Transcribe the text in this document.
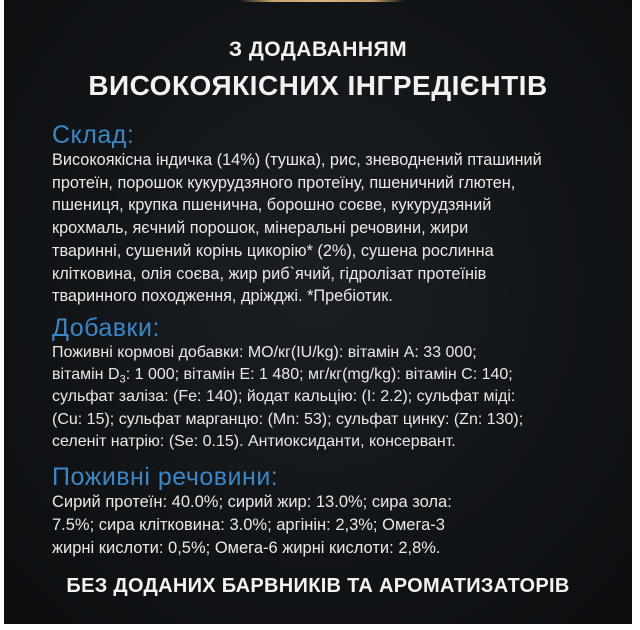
З ДОДАВАННЯМ
ВИСОКОЯКІСНИХ ІНГРЕДІЄНТІВ
Склад:
Високоякісна індичка (14%) (тушка), рис, зневоднений пташиний
протеїн, порошок кукурудзяного протеїну, пшеничний глютен,
пшениця, крупка пшенична, борошно соєве, кукурудзяний
крохмаль, яєчний порошок, мінеральні речовини, жири
тваринні, сушений корінь цикорію* (2%), сушена рослинна
клітковина, олія соєва, жир риб`ячий, гідролізат протеїнів
тваринного походження, дріжджі. *Пребіотик.
Добавки:
Поживні кормові добавки: МО/кг(IU/kg): вітамін А: 33 000;
вітамін $D_3$: 1 000; вітамін Е: 1 480; мг/кг(mg/kg): вітамін С: 140;
сульфат заліза: (Fe: 140); йодат кальцію: (I: 2.2); сульфат міді:
(Cu: 15); сульфат марганцю: (Mn: 53); сульфат цинку: (Zn: 130);
селеніт натрію: (Se: 0.15). Антиоксиданти, консервант.
Поживні речовини:
Сирий протеїн: 40.0%; сирий жир: 13.0%; сира зола:
7.5%; сира клітковина: 3.0%; аргінін: 2,3%; Омега-3
жирні кислоти: 0,5%; Омега-6 жирні кислоти: 2,8%.
БЕЗ ДОДАНИХ БАРВНИКІВ ТА АРОМАТИЗАТОРІВ
